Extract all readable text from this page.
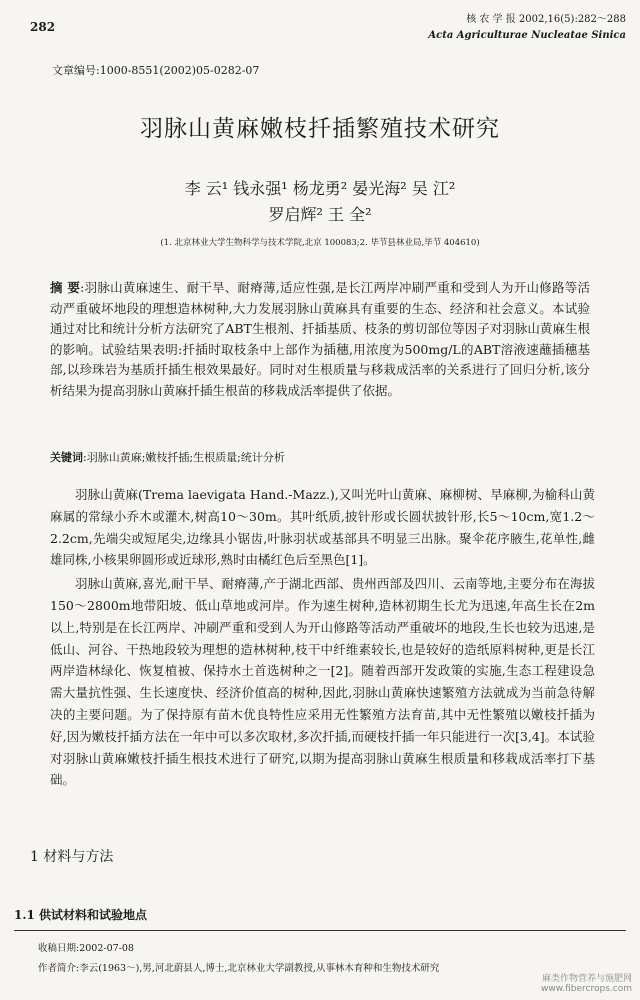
282
核 农 学 报 2002,16(5):282～288
Acta Agriculturae Nucleatae Sinica
文章编号:1000-8551(2002)05-0282-07
羽脉山黄麻嫩枝扦插繁殖技术研究
李 云¹ 钱永强¹ 杨龙勇² 晏光海² 吴 江²
罗启辉² 王 全²
(1. 北京林业大学生物科学与技术学院,北京 100083;2. 毕节县林业局,毕节 404610)
摘 要:羽脉山黄麻速生、耐干旱、耐瘠薄,适应性强,是长江两岸冲刷严重和受到人为开山修路等活动严重破坏地段的理想造林树种,大力发展羽脉山黄麻具有重要的生态、经济和社会意义。本试验通过对比和统计分析方法研究了ABT生根剂、扦插基质、枝条的剪切部位等因子对羽脉山黄麻生根的影响。试验结果表明:扦插时取枝条中上部作为插穗,用浓度为500mg/L的ABT溶液速蘸插穗基部,以珍珠岩为基质扦插生根效果最好。同时对生根质量与移栽成活率的关系进行了回归分析,该分析结果为提高羽脉山黄麻扦插生根苗的移栽成活率提供了依据。
关键词:羽脉山黄麻;嫩枝扦插;生根质量;统计分析

羽脉山黄麻(Trema laevigata Hand.-Mazz.),又叫光叶山黄麻、麻柳树、旱麻柳,为榆科山黄麻属的常绿小乔木或灌木,树高10～30m。其叶纸质,披针形或长圆状披针形,长5～10cm,宽1.2～2.2cm,先端尖或短尾尖,边缘具小锯齿,叶脉羽状或基部具不明显三出脉。聚伞花序腋生,花单性,雌雄同株,小核果卵圆形或近球形,熟时由橘红色后至黑色[1]。

羽脉山黄麻,喜光,耐干旱、耐瘠薄,产于湖北西部、贵州西部及四川、云南等地,主要分布在海拔150～2800m地带阳坡、低山草地或河岸。作为速生树种,造林初期生长尤为迅速,年高生长在2m以上,特别是在长江两岸、冲刷严重和受到人为开山修路等活动严重破坏的地段,生长也较为迅速,是低山、河谷、干热地段较为理想的造林树种,枝干中纤维素较长,也是较好的造纸原料树种,更是长江两岸造林绿化、恢复植被、保持水土首选树种之一[2]。随着西部开发政策的实施,生态工程建设急需大量抗性强、生长速度快、经济价值高的树种,因此,羽脉山黄麻快速繁殖方法就成为当前急待解决的主要问题。为了保持原有苗木优良特性应采用无性繁殖方法育苗,其中无性繁殖以嫩枝扦插为好,因为嫩枝扦插方法在一年中可以多次取材,多次扦插,而硬枝扦插一年只能进行一次[3,4]。本试验对羽脉山黄麻嫩枝扦插生根技术进行了研究,以期为提高羽脉山黄麻生根质量和移栽成活率打下基础。

1 材料与方法
1.1 供试材料和试验地点
收稿日期:2002-07-08
作者简介:李云(1963～),男,河北蔚县人,博士,北京林业大学副教授,从事林木育种和生物技术研究
麻类作物营养与施肥网
www.fibercrops.com
